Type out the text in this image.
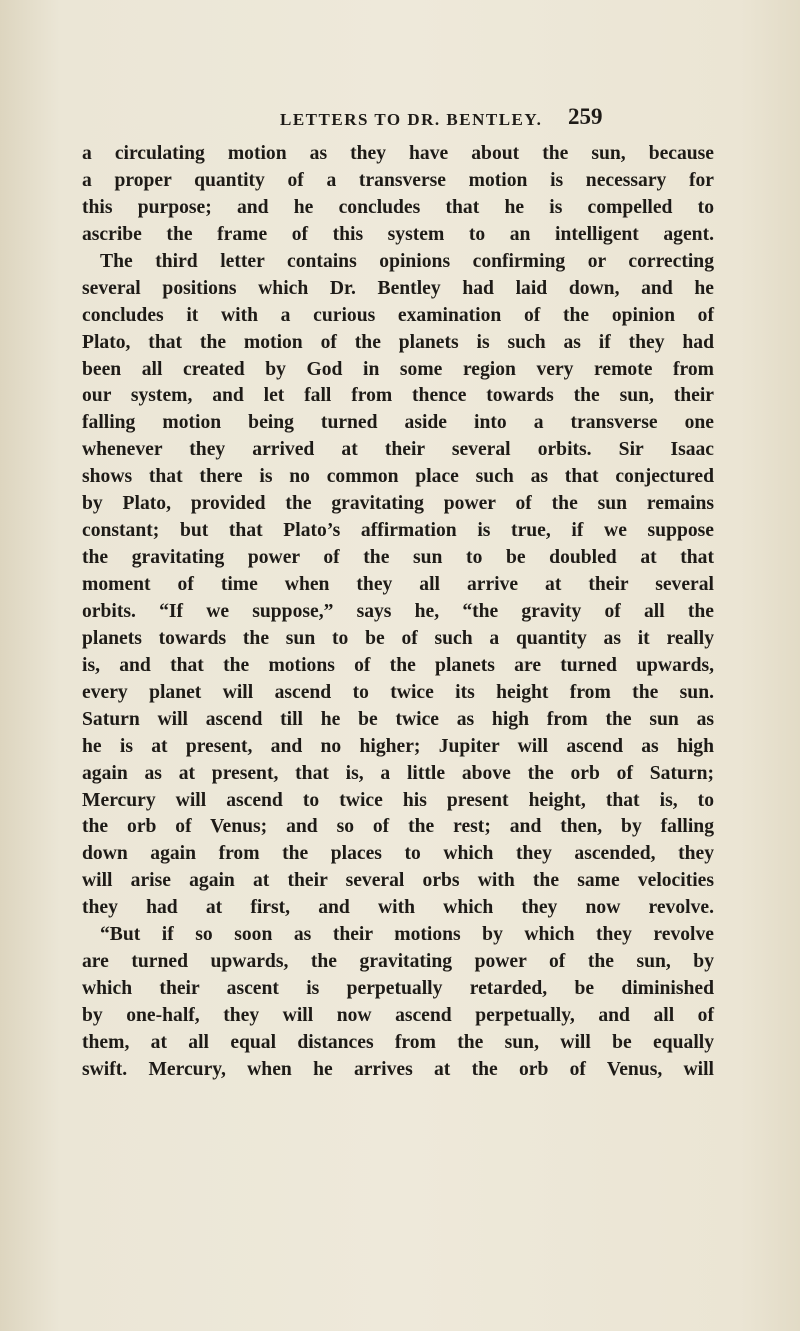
LETTERS TO DR. BENTLEY. 259
a circulating motion as they have about the sun, because
a proper quantity of a transverse motion is necessary for
this purpose; and he concludes that he is compelled to
ascribe the frame of this system to an intelligent agent.
The third letter contains opinions confirming or correcting
several positions which Dr. Bentley had laid down, and he
concludes it with a curious examination of the opinion of
Plato, that the motion of the planets is such as if they had
been all created by God in some region very remote from
our system, and let fall from thence towards the sun, their
falling motion being turned aside into a transverse one
whenever they arrived at their several orbits. Sir Isaac
shows that there is no common place such as that conjectured
by Plato, provided the gravitating power of the sun remains
constant; but that Plato’s affirmation is true, if we suppose
the gravitating power of the sun to be doubled at that
moment of time when they all arrive at their several
orbits. “If we suppose,” says he, “the gravity of all the
planets towards the sun to be of such a quantity as it really
is, and that the motions of the planets are turned upwards,
every planet will ascend to twice its height from the sun.
Saturn will ascend till he be twice as high from the sun as
he is at present, and no higher; Jupiter will ascend as high
again as at present, that is, a little above the orb of Saturn;
Mercury will ascend to twice his present height, that is, to
the orb of Venus; and so of the rest; and then, by falling
down again from the places to which they ascended, they
will arise again at their several orbs with the same velocities
they had at first, and with which they now revolve.
“But if so soon as their motions by which they revolve
are turned upwards, the gravitating power of the sun, by
which their ascent is perpetually retarded, be diminished
by one-half, they will now ascend perpetually, and all of
them, at all equal distances from the sun, will be equally
swift. Mercury, when he arrives at the orb of Venus, will
